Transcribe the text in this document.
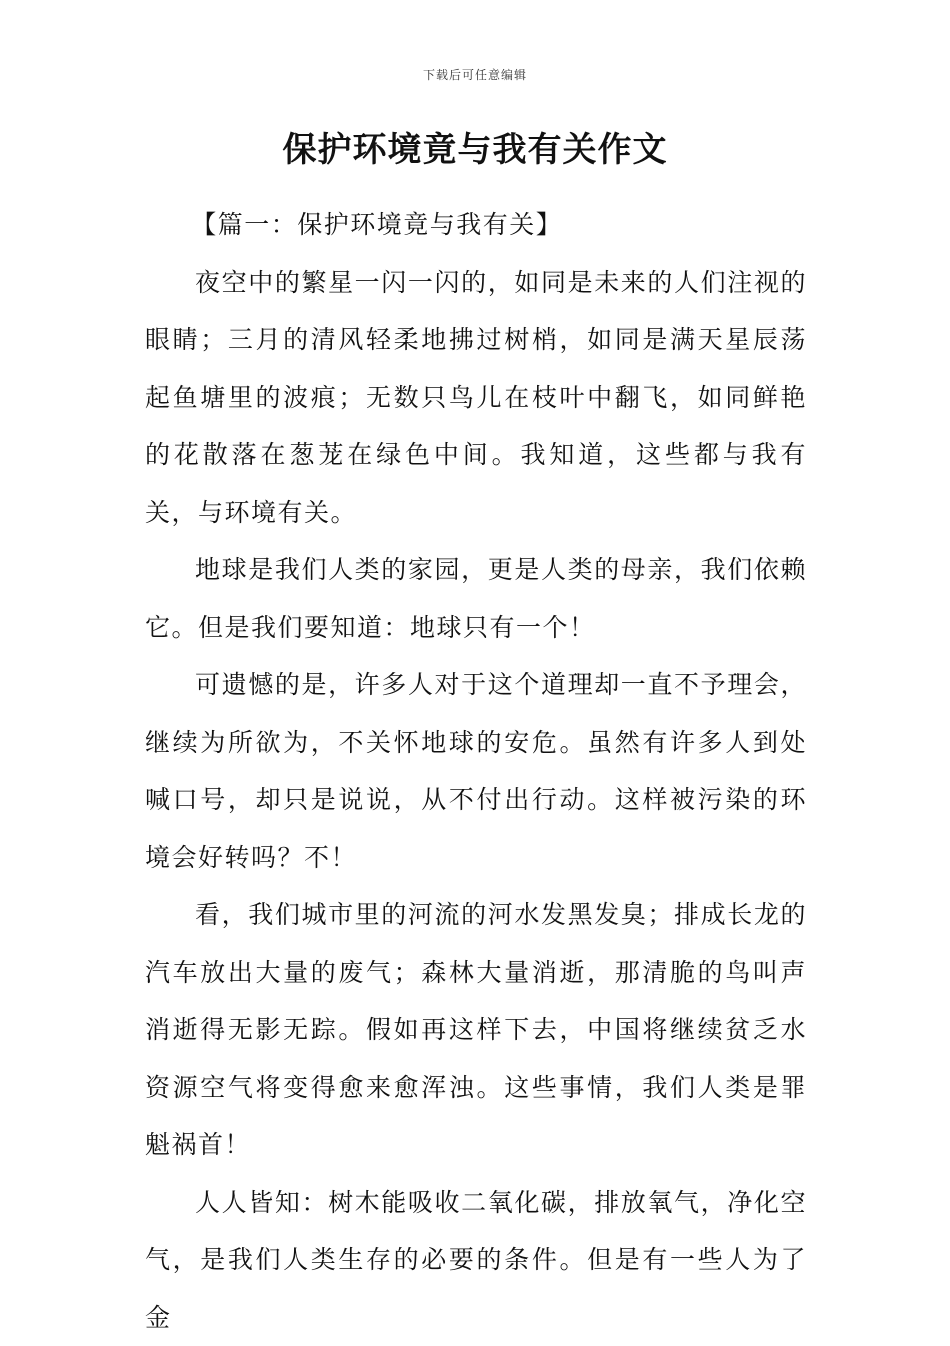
下载后可任意编辑
保护环境竟与我有关作文

【篇一：保护环境竟与我有关】

夜空中的繁星一闪一闪的，如同是未来的人们注视的眼睛；三月的清风轻柔地拂过树梢，如同是满天星辰荡起鱼塘里的波痕；无数只鸟儿在枝叶中翻飞，如同鲜艳的花散落在葱茏在绿色中间。我知道，这些都与我有关，与环境有关。

地球是我们人类的家园，更是人类的母亲，我们依赖它。但是我们要知道：地球只有一个！

可遗憾的是，许多人对于这个道理却一直不予理会，继续为所欲为，不关怀地球的安危。虽然有许多人到处喊口号，却只是说说，从不付出行动。这样被污染的环境会好转吗？不！

看，我们城市里的河流的河水发黑发臭；排成长龙的汽车放出大量的废气；森林大量消逝，那清脆的鸟叫声消逝得无影无踪。假如再这样下去，中国将继续贫乏水资源空气将变得愈来愈浑浊。这些事情，我们人类是罪魁祸首！

人人皆知：树木能吸收二氧化碳，排放氧气，净化空气，是我们人类生存的必要的条件。但是有一些人为了金
